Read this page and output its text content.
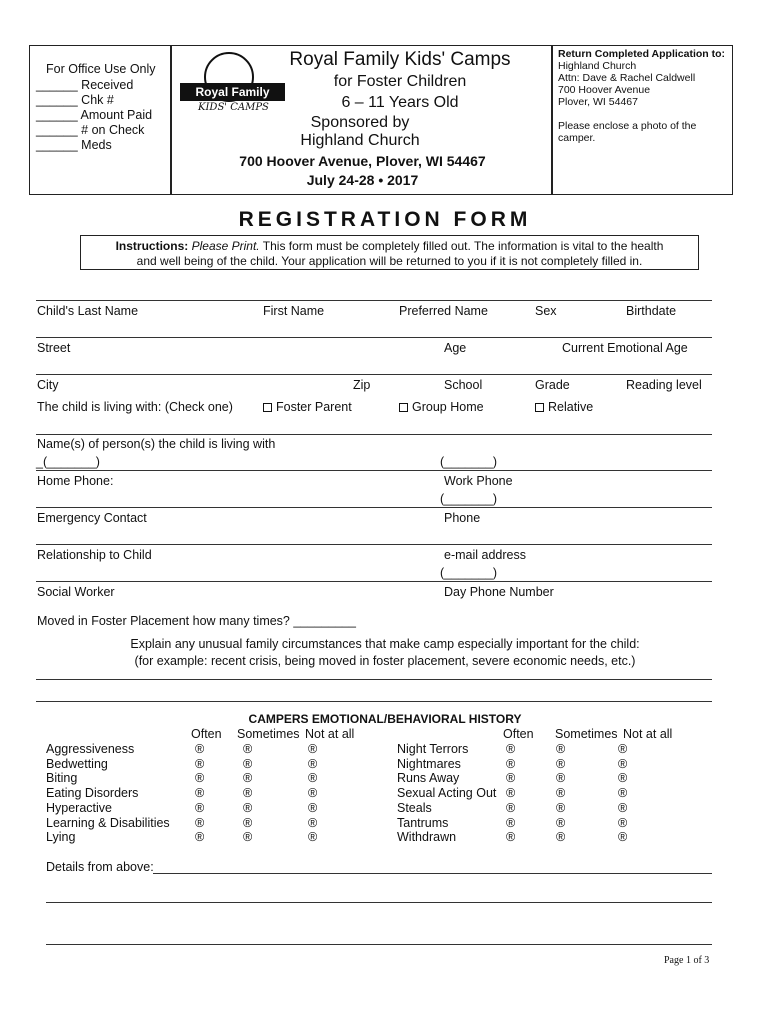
For Office Use Only
______ Received
______ Chk #
______ Amount Paid
______ # on Check
______ Meds
Royal Family
KIDS' CAMPS
Royal Family Kids' Camps
for Foster Children
6 – 11 Years Old
Sponsored by
Highland Church
700 Hoover Avenue, Plover, WI 54467
July 24-28 • 2017
Return Completed Application to:
Highland Church
Attn: Dave & Rachel Caldwell
700 Hoover Avenue
Plover, WI 54467
Please enclose a photo of the
camper.
REGISTRATION FORM
Instructions: Please Print. This form must be completely filled out. The information is vital to the health
and well being of the child. Your application will be returned to you if it is not completely filled in.
Child's Last Name	First Name	Preferred Name	Sex	Birthdate
Street	Age	Current Emotional Age
City	Zip	School	Grade	Reading level
The child is living with: (Check one)	Foster Parent	Group Home	Relative
Name(s) of person(s) the child is living with
_(_______)	(_______)
Home Phone:	Work Phone
(_______)
Emergency Contact	Phone
Relationship to Child	e-mail address
(_______)
Social Worker	Day Phone Number
Moved in Foster Placement how many times? _________
Explain any unusual family circumstances that make camp especially important for the child:
(for example: recent crisis, being moved in foster placement, severe economic needs, etc.)
CAMPERS EMOTIONAL/BEHAVIORAL HISTORY
Often Sometimes Not at all	Often Sometimes Not at all
Aggressiveness	®	®	®
Bedwetting	®	®	®
Biting	®	®	®
Eating Disorders	®	®	®
Hyperactive	®	®	®
Learning & Disabilities ®	®	®
Lying	®	®	®
Night Terrors	®	®	®
Nightmares	®	®	®
Runs Away	®	®	®
Sexual Acting Out ®	®	®
Steals	®	®	®
Tantrums	®	®	®
Withdrawn	®	®	®
Details from above:
Page 1 of 3
